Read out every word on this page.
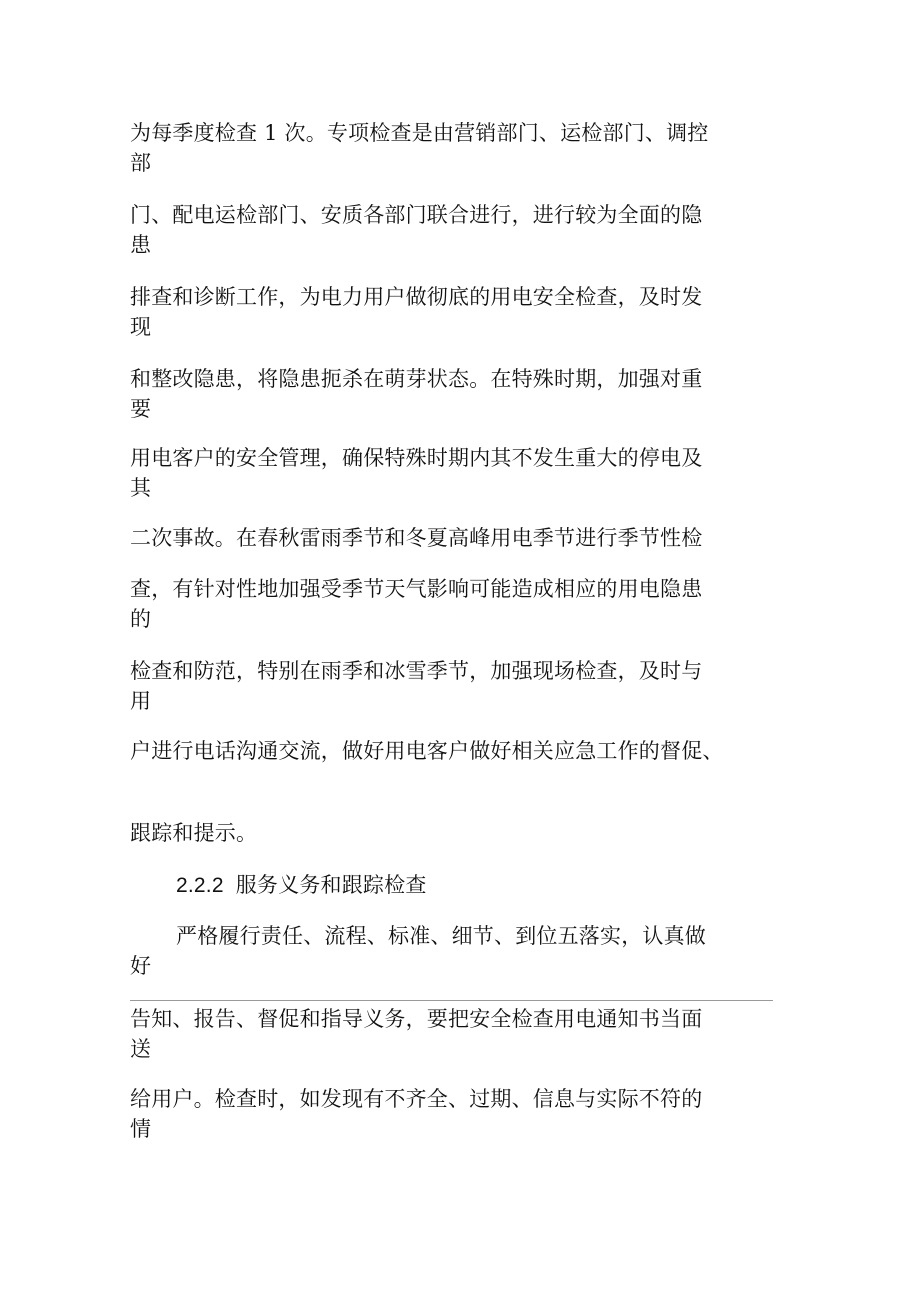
为每季度检查 1 次。专项检查是由营销部门、运检部门、调控
部
门、配电运检部门、安质各部门联合进行，进行较为全面的隐
患
排查和诊断工作，为电力用户做彻底的用电安全检查，及时发
现
和整改隐患，将隐患扼杀在萌芽状态。在特殊时期，加强对重
要
用电客户的安全管理，确保特殊时期内其不发生重大的停电及
其
二次事故。在春秋雷雨季节和冬夏高峰用电季节进行季节性检
查，有针对性地加强受季节天气影响可能造成相应的用电隐患
的
检查和防范，特别在雨季和冰雪季节，加强现场检查，及时与
用
户进行电话沟通交流，做好用电客户做好相关应急工作的督促、
跟踪和提示。
2.2.2 服务义务和跟踪检查
严格履行责任、流程、标准、细节、到位五落实，认真做
好
告知、报告、督促和指导义务，要把安全检查用电通知书当面
送
给用户。检查时，如发现有不齐全、过期、信息与实际不符的
情
